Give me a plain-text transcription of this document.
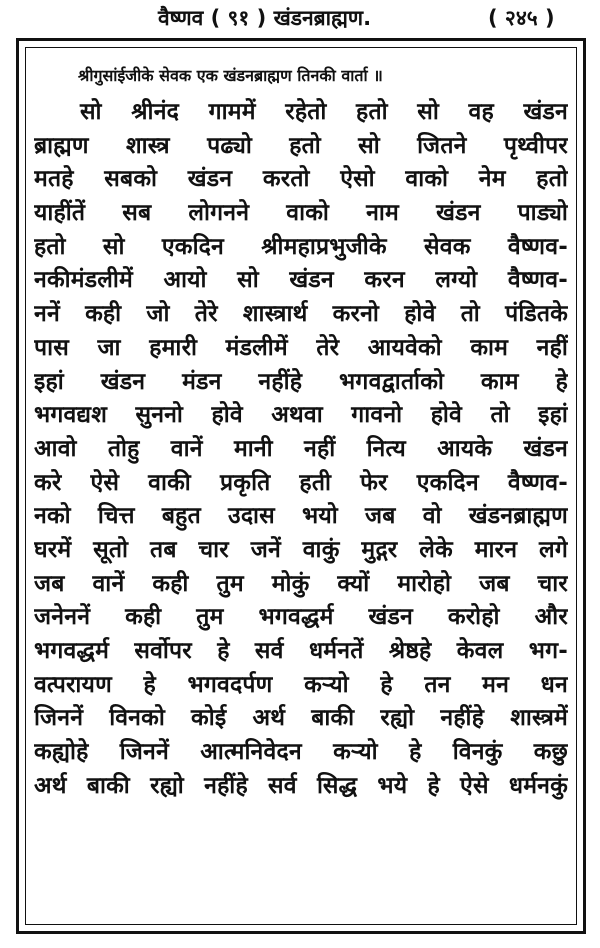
वैष्णव ( ९१ ) खंडनब्राह्मण.	( २४५ )
श्रीगुसांईजीके सेवक एक खंडनब्राह्मण तिनकी वार्ता ॥
सो श्रीनंद गाममें रहेतो हतो सो वह खंडन
ब्राह्मण शास्त्र पढ्यो हतो सो जितने पृथ्वीपर
मतहे सबको खंडन करतो ऐसो वाको नेम हतो
याहींतें सब लोगनने वाको नाम खंडन पाड्यो
हतो सो एकदिन श्रीमहाप्रभुजीके सेवक वैष्णव-
नकीमंडलीमें आयो सो खंडन करन लग्यो वैष्णव-
ननें कही जो तेरे शास्त्रार्थ करनो होवे तो पंडितके
पास जा हमारी मंडलीमें तेरे आयवेको काम नहीं
इहां खंडन मंडन नहींहे भगवद्वार्ताको काम हे
भगवद्यश सुननो होवे अथवा गावनो होवे तो इहां
आवो तोहु वानें मानी नहीं नित्य आयके खंडन
करे ऐसे वाकी प्रकृति हती फेर एकदिन वैष्णव-
नको चित्त बहुत उदास भयो जब वो खंडनब्राह्मण
घरमें सूतो तब चार जनें वाकुं मुद्गर लेके मारन लगे
जब वानें कही तुम मोकुं क्यों मारोहो जब चार
जनेननें कही तुम भगवद्धर्म खंडन करोहो और
भगवद्धर्म सर्वोपर हे सर्व धर्मनतें श्रेष्ठहे केवल भग-
वत्परायण हे भगवदर्पण कर्‍यो हे तन मन धन
जिननें विनको कोई अर्थ बाकी रह्यो नहींहे शास्त्रमें
कह्योहे जिननें आत्मनिवेदन कर्‍यो हे विनकुं कछु
अर्थ बाकी रह्यो नहींहे सर्व सिद्ध भये हे ऐसे धर्मनकुं
